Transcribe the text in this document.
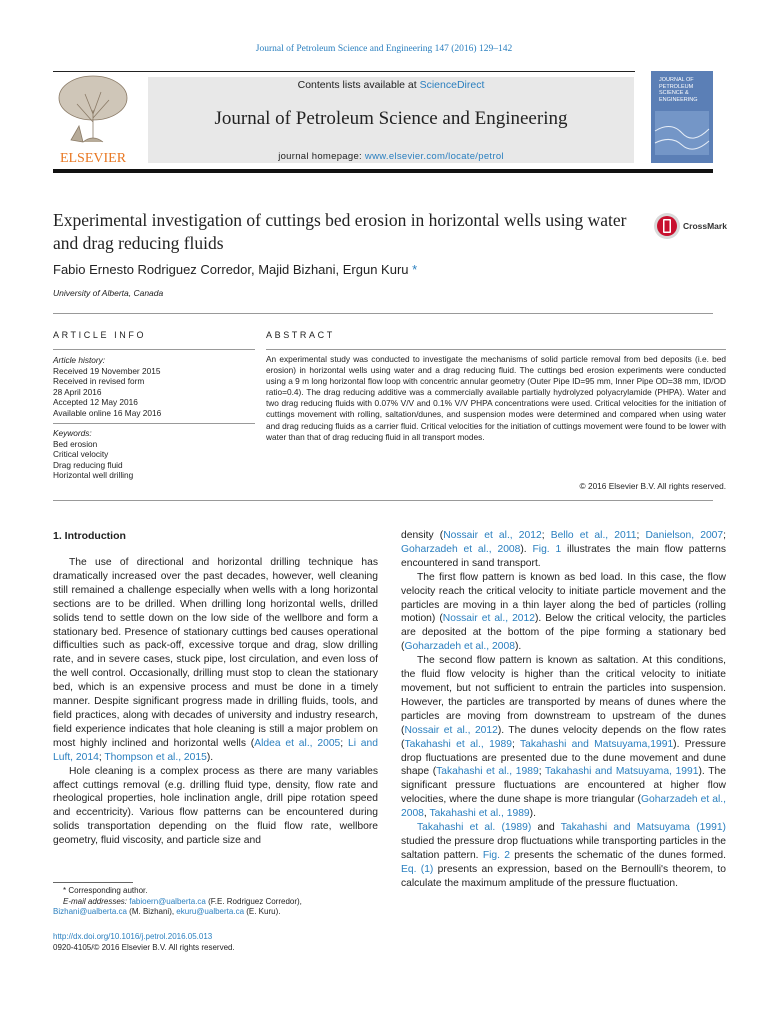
Journal of Petroleum Science and Engineering 147 (2016) 129–142
ELSEVIER
Contents lists available at ScienceDirect
Journal of Petroleum Science and Engineering
journal homepage: www.elsevier.com/locate/petrol
JOURNAL OF PETROLEUM SCIENCE & ENGINEERING
Experimental investigation of cuttings bed erosion in horizontal wells using water and drag reducing fluids
CrossMark
Fabio Ernesto Rodriguez Corredor, Majid Bizhani, Ergun Kuru *
University of Alberta, Canada
ARTICLE INFO
Article history:
Received 19 November 2015
Received in revised form
28 April 2016
Accepted 12 May 2016
Available online 16 May 2016
Keywords:
Bed erosion
Critical velocity
Drag reducing fluid
Horizontal well drilling
ABSTRACT
An experimental study was conducted to investigate the mechanisms of solid particle removal from bed deposits (i.e. bed erosion) in horizontal wells using water and a drag reducing fluid. The cuttings bed erosion experiments were conducted using a 9 m long horizontal flow loop with concentric annular geometry (Outer Pipe ID=95 mm, Inner Pipe OD=38 mm, ID/OD ratio=0.4). The drag reducing additive was a commercially available partially hydrolyzed polyacrylamide (PHPA). Water and two drag reducing fluids with 0.07% V/V and 0.1% V/V PHPA concentrations were used. Critical velocities for the initiation of cuttings movement with rolling, saltation/dunes, and suspension modes were determined and compared when using water and drag reducing fluids as a carrier fluid. Critical velocities for the initiation of cuttings movement were found to be lower with water than that of drag reducing fluid in all transport modes.
© 2016 Elsevier B.V. All rights reserved.
1. Introduction

The use of directional and horizontal drilling technique has dramatically increased over the past decades, however, well cleaning still remained a challenge especially when wells with a long horizontal sections are to be drilled. When drilling long horizontal wells, drilled solids tend to settle down on the low side of the wellbore and form a stationary bed. Presence of stationary cuttings bed causes operational difficulties such as pack-off, excessive torque and drag, slow drilling rate, and in severe cases, stuck pipe, lost circulation, and even loss of the well control. Occasionally, drilling must stop to clean the stationary bed, which is an expensive process and must be done in a timely manner. Despite significant progress made in drilling fluids, tools, and field practices, along with decades of university and industry research, field experience indicates that hole cleaning is still a major problem on most highly inclined and horizontal wells (Aldea et al., 2005; Li and Luft, 2014; Thompson et al., 2015).

Hole cleaning is a complex process as there are many variables affect cuttings removal (e.g. drilling fluid type, density, flow rate and rheological properties, hole inclination angle, drill pipe rotation speed and eccentricity). Various flow patterns can be encountered during solids transportation depending on the fluid flow rate, wellbore geometry, fluid viscosity, and particle size and

density (Nossair et al., 2012; Bello et al., 2011; Danielson, 2007; Goharzadeh et al., 2008). Fig. 1 illustrates the main flow patterns encountered in sand transport.

The first flow pattern is known as bed load. In this case, the flow velocity reach the critical velocity to initiate particle movement and the particles are moving in a thin layer along the bed of particles (rolling motion) (Nossair et al., 2012). Below the critical velocity, the particles are deposited at the bottom of the pipe forming a stationary bed (Goharzadeh et al., 2008).

The second flow pattern is known as saltation. At this conditions, the fluid flow velocity is higher than the critical velocity to initiate movement, but not sufficient to entrain the particles into suspension. However, the particles are transported by means of dunes where the particles are moving from downstream to upstream of the dunes (Nossair et al., 2012). The dunes velocity depends on the flow rates (Takahashi et al., 1989; Takahashi and Matsuyama,1991). Pressure drop fluctuations are presented due to the dune movement and dune shape (Takahashi et al., 1989; Takahashi and Matsuyama, 1991). The significant pressure fluctuations are encountered at higher flow velocities, where the dune shape is more triangular (Goharzadeh et al., 2008, Takahashi et al., 1989).

Takahashi et al. (1989) and Takahashi and Matsuyama (1991) studied the pressure drop fluctuations while transporting particles in the saltation pattern. Fig. 2 presents the schematic of the dunes formed. Eq. (1) presents an expression, based on the Bernoulli's theorem, to calculate the maximum amplitude of the pressure fluctuation.

* Corresponding author.
E-mail addresses: fabioern@ualberta.ca (F.E. Rodriguez Corredor),
Bizhani@ualberta.ca (M. Bizhani), ekuru@ualberta.ca (E. Kuru).
http://dx.doi.org/10.1016/j.petrol.2016.05.013
0920-4105/© 2016 Elsevier B.V. All rights reserved.
